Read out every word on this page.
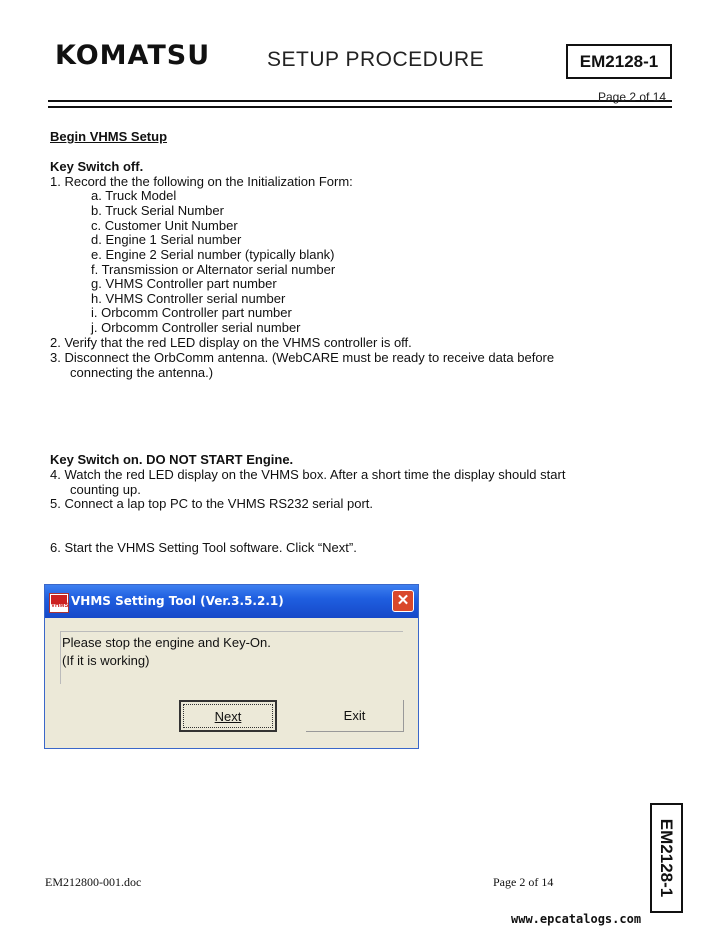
KOMATSU	SETUP PROCEDURE	EM2128-1
Page 2 of 14
Begin VHMS Setup
Key Switch off.
1. Record the the following on the Initialization Form:
a. Truck Model
b. Truck Serial Number
c. Customer Unit Number
d. Engine 1 Serial number
e. Engine 2 Serial number (typically blank)
f. Transmission or Alternator serial number
g. VHMS Controller part number
h. VHMS Controller serial number
i. Orbcomm Controller part number
j. Orbcomm Controller serial number
2. Verify that the red LED display on the VHMS controller is off.
3. Disconnect the OrbComm antenna. (WebCARE must be ready to receive data before
connecting the antenna.)
Key Switch on. DO NOT START Engine.
4. Watch the red LED display on the VHMS box. After a short time the display should start
counting up.
5. Connect a lap top PC to the VHMS RS232 serial port.
6. Start the VHMS Setting Tool software. Click “Next”.
VHMS VHMS Setting Tool (Ver.3.5.2.1)	✕
Please stop the engine and Key-On.
(If it is working)
Next	Exit
EM212800-001.doc	Page 2 of 14	EM2128-1
www.epcatalogs.com
